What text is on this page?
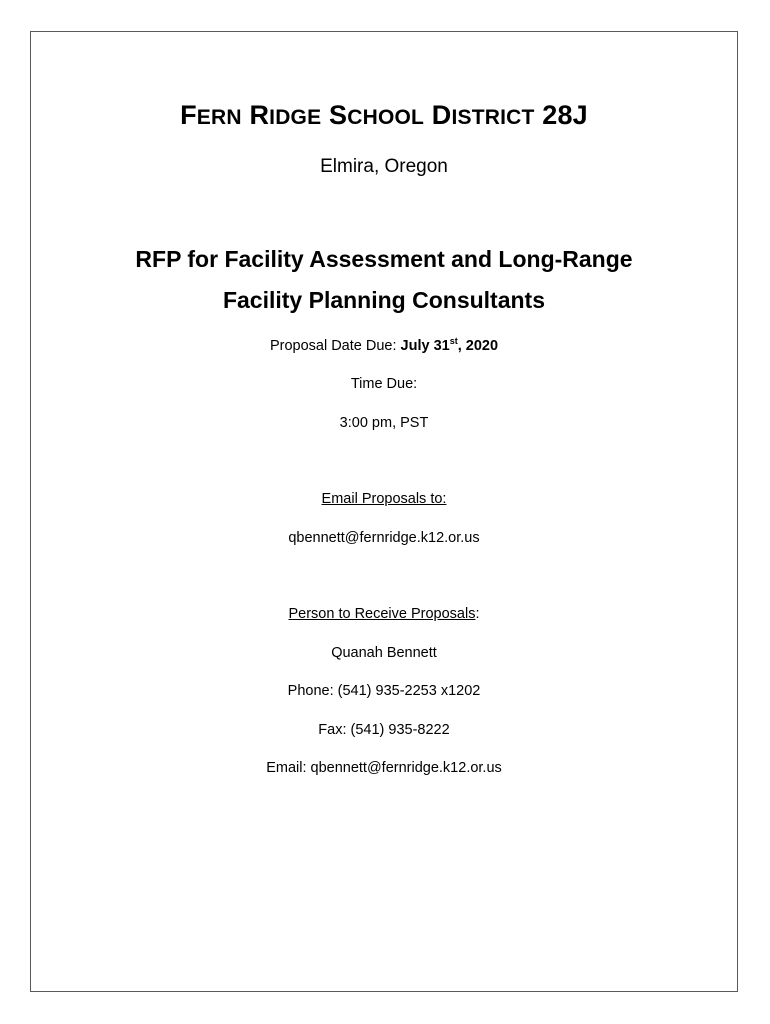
FERN RIDGE SCHOOL DISTRICT 28J
Elmira, Oregon
RFP for Facility Assessment and Long-Range
Facility Planning Consultants
Proposal Date Due: July 31st, 2020
Time Due:
3:00 pm, PST
Email Proposals to:
qbennett@fernridge.k12.or.us
Person to Receive Proposals:
Quanah Bennett
Phone: (541) 935-2253 x1202
Fax: (541) 935-8222
Email: qbennett@fernridge.k12.or.us
